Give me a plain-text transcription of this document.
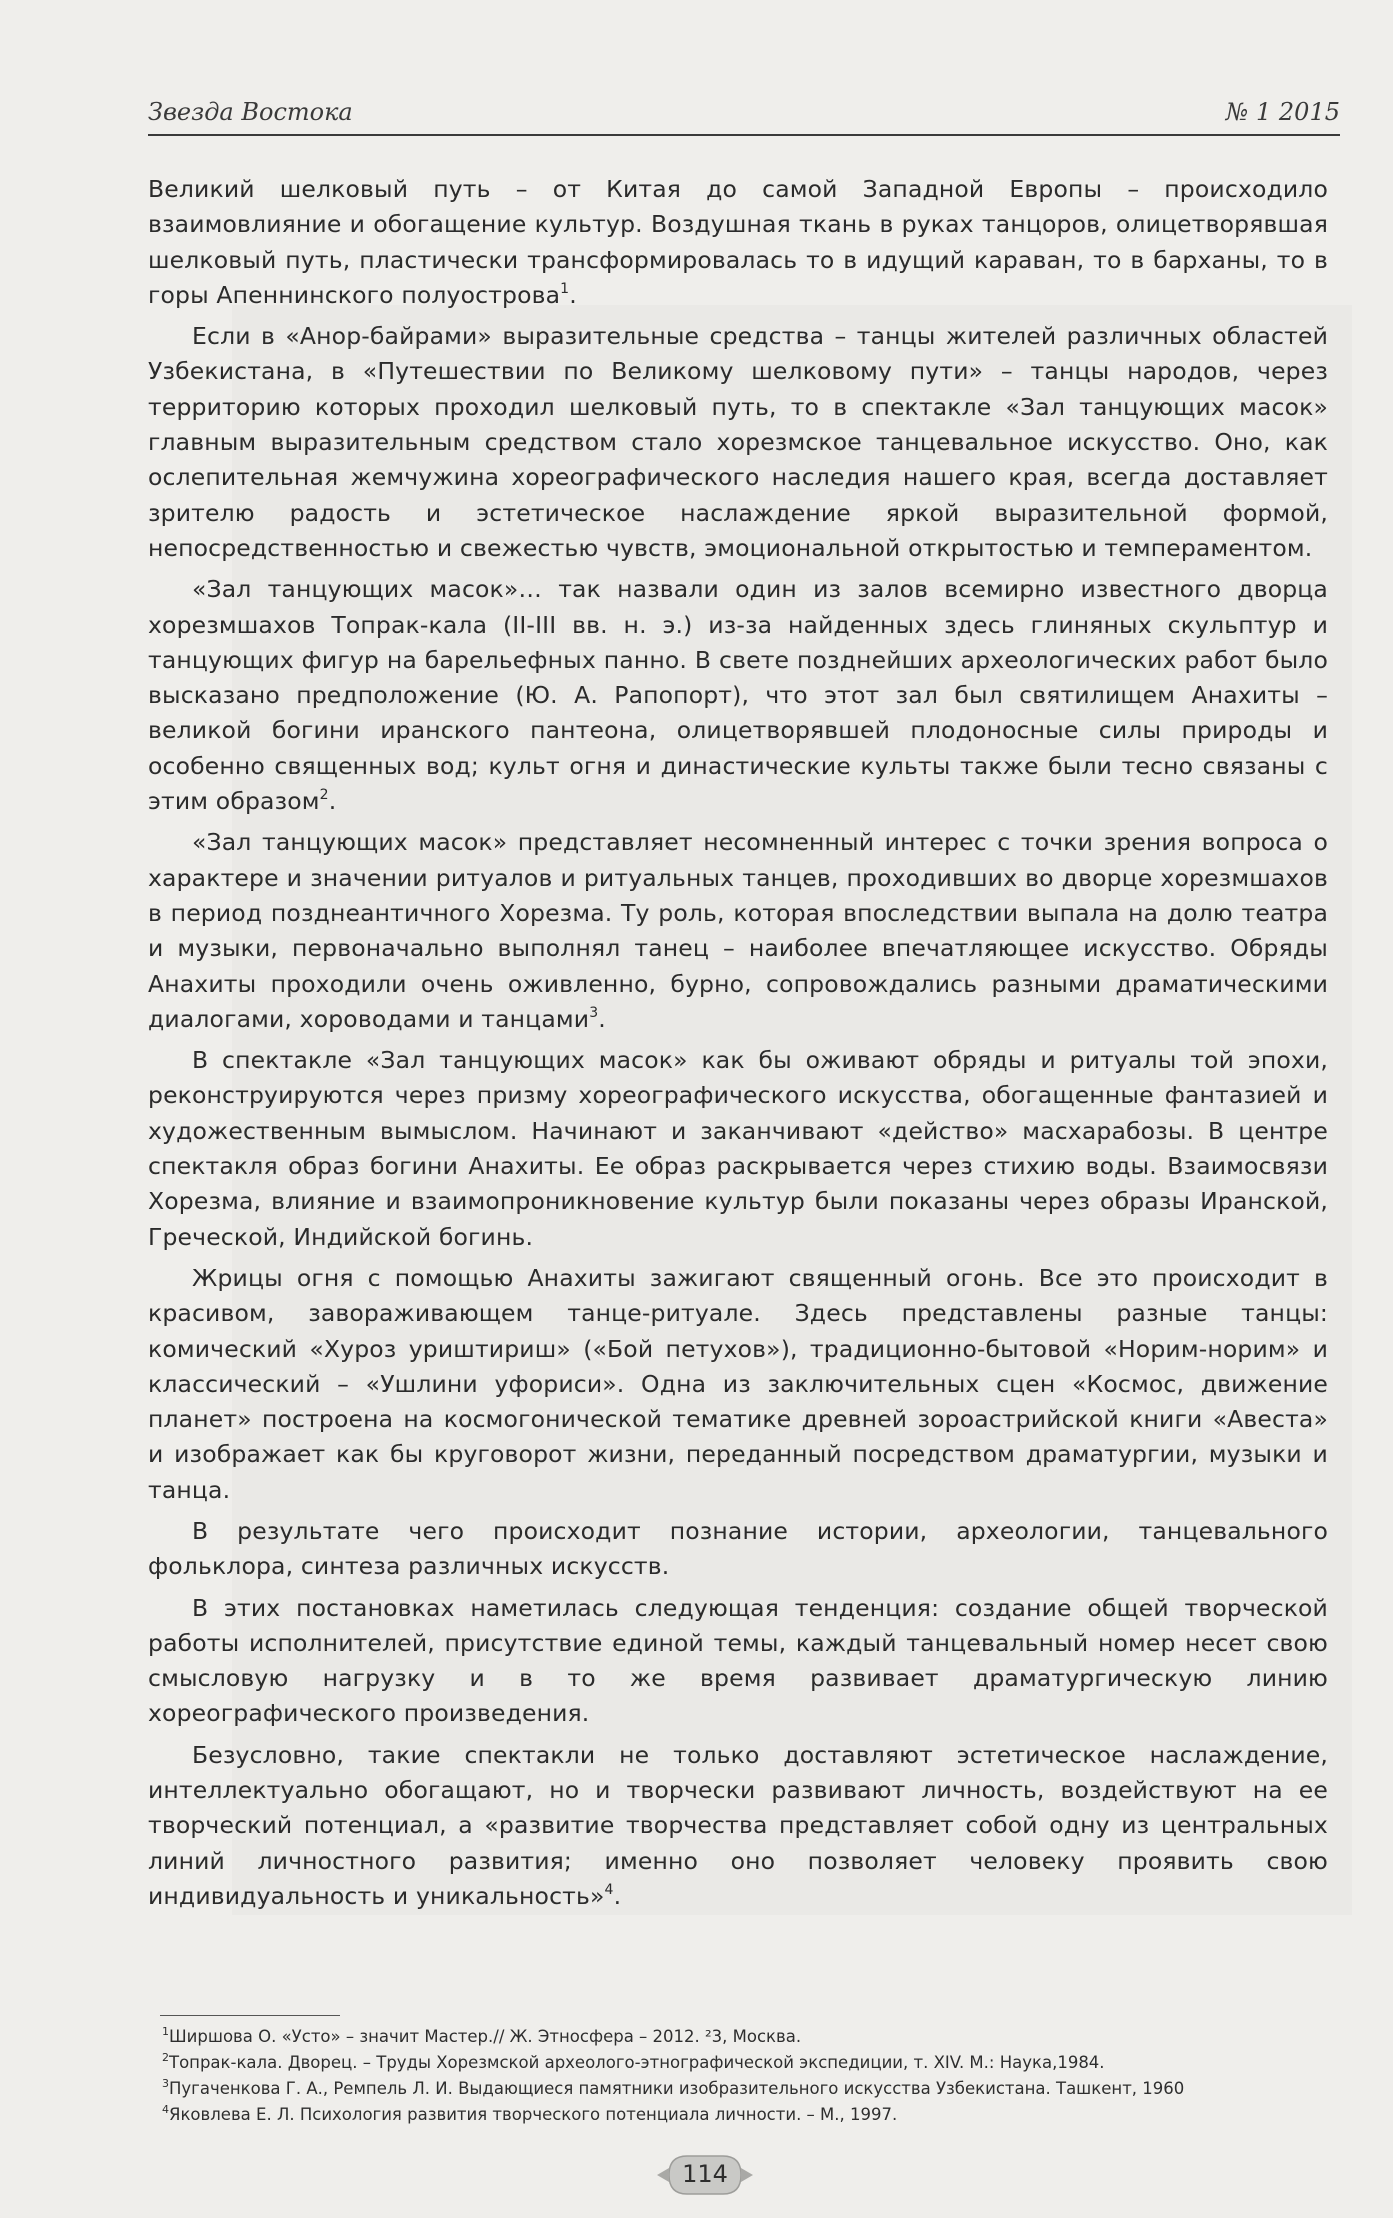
Звезда Востока	№ 1 2015

Великий шелковый путь – от Китая до самой Западной Европы – происходило взаимовлияние и обогащение культур. Воздушная ткань в руках танцоров, олицетворявшая шелковый путь, пластически трансформировалась то в идущий караван, то в барханы, то в горы Апеннинского полуострова$^1$.

Если в «Анор-байрами» выразительные средства – танцы жителей различных областей Узбекистана, в «Путешествии по Великому шелковому пути» – танцы народов, через территорию которых проходил шелковый путь, то в спектакле «Зал танцующих масок» главным выразительным средством стало хорезмское танцевальное искусство. Оно, как ослепительная жемчужина хореографического наследия нашего края, всегда доставляет зрителю радость и эстетическое наслаждение яркой выразительной формой, непосредственностью и свежестью чувств, эмоциональной открытостью и темпераментом.

«Зал танцующих масок»… так назвали один из залов всемирно известного дворца хорезмшахов Топрак-кала (II-III вв. н. э.) из-за найденных здесь глиняных скульптур и танцующих фигур на барельефных панно. В свете позднейших археологических работ было высказано предположение (Ю. А. Рапопорт), что этот зал был святилищем Анахиты – великой богини иранского пантеона, олицетворявшей плодоносные силы природы и особенно священных вод; культ огня и династические культы также были тесно связаны с этим образом$^2$.

«Зал танцующих масок» представляет несомненный интерес с точки зрения вопроса о характере и значении ритуалов и ритуальных танцев, проходивших во дворце хорезмшахов в период позднеантичного Хорезма. Ту роль, которая впоследствии выпала на долю театра и музыки, первоначально выполнял танец – наиболее впечатляющее искусство. Обряды Анахиты проходили очень оживленно, бурно, сопровождались разными драматическими диалогами, хороводами и танцами$^3$.

В спектакле «Зал танцующих масок» как бы оживают обряды и ритуалы той эпохи, реконструируются через призму хореографического искусства, обогащенные фантазией и художественным вымыслом. Начинают и заканчивают «действо» масхарабозы. В центре спектакля образ богини Анахиты. Ее образ раскрывается через стихию воды. Взаимосвязи Хорезма, влияние и взаимопроникновение культур были показаны через образы Иранской, Греческой, Индийской богинь.

Жрицы огня с помощью Анахиты зажигают священный огонь. Все это происходит в красивом, завораживающем танце-ритуале. Здесь представлены разные танцы: комический «Хуроз уриштириш» («Бой петухов»), традиционно-бытовой «Норим-норим» и классический – «Ушлини уфориси». Одна из заключительных сцен «Космос, движение планет» построена на космогонической тематике древней зороастрийской книги «Авеста» и изображает как бы круговорот жизни, переданный посредством драматургии, музыки и танца.

В результате чего происходит познание истории, археологии, танцевального фольклора, синтеза различных искусств.

В этих постановках наметилась следующая тенденция: создание общей творческой работы исполнителей, присутствие единой темы, каждый танцевальный номер несет свою смысловую нагрузку и в то же время развивает драматургическую линию хореографического произведения.

Безусловно, такие спектакли не только доставляют эстетическое наслаждение, интеллектуально обогащают, но и творчески развивают личность, воздействуют на ее творческий потенциал, а «развитие творчества представляет собой одну из центральных линий личностного развития; именно оно позволяет человеку проявить свою индивидуальность и уникальность»$^4$.

$^1$Ширшова О. «Усто» – значит Мастер.// Ж. Этносфера – 2012. ²3, Москва.

$^2$Топрак-кала. Дворец. – Труды Хорезмской археолого-этнографической экспедиции, т. XIV. М.: Наука,1984.

$^3$Пугаченкова Г. А., Ремпель Л. И. Выдающиеся памятники изобразительного искусства Узбекистана. Ташкент, 1960

$^4$Яковлева Е. Л. Психология развития творческого потенциала личности. – М., 1997.

114
